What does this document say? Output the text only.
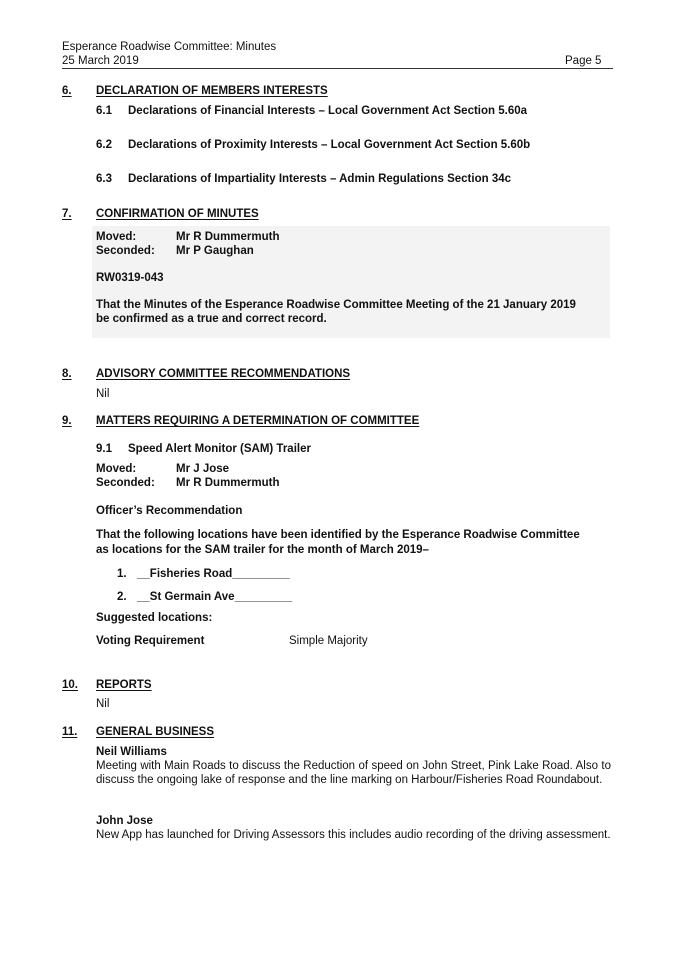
Esperance Roadwise Committee: Minutes
25 March 2019	Page 5
6. DECLARATION OF MEMBERS INTERESTS
6.1 Declarations of Financial Interests – Local Government Act Section 5.60a
6.2 Declarations of Proximity Interests – Local Government Act Section 5.60b
6.3 Declarations of Impartiality Interests – Admin Regulations Section 34c
7. CONFIRMATION OF MINUTES
Moved:	Mr R Dummermuth
Seconded: Mr P Gaughan
RW0319-043
That the Minutes of the Esperance Roadwise Committee Meeting of the 21 January 2019
be confirmed as a true and correct record.
8. ADVISORY COMMITTEE RECOMMENDATIONS
Nil
9. MATTERS REQUIRING A DETERMINATION OF COMMITTEE
9.1 Speed Alert Monitor (SAM) Trailer
Moved:	Mr J Jose
Seconded: Mr R Dummermuth
Officer’s Recommendation
That the following locations have been identified by the Esperance Roadwise Committee
as locations for the SAM trailer for the month of March 2019–
1. __Fisheries Road_________
2. __St Germain Ave_________
Suggested locations:
Voting Requirement	Simple Majority
10. REPORTS
Nil
11. GENERAL BUSINESS
Neil Williams
Meeting with Main Roads to discuss the Reduction of speed on John Street, Pink Lake Road. Also to discuss the ongoing lake of response and the line marking on Harbour/Fisheries Road Roundabout.
John Jose
New App has launched for Driving Assessors this includes audio recording of the driving assessment.
